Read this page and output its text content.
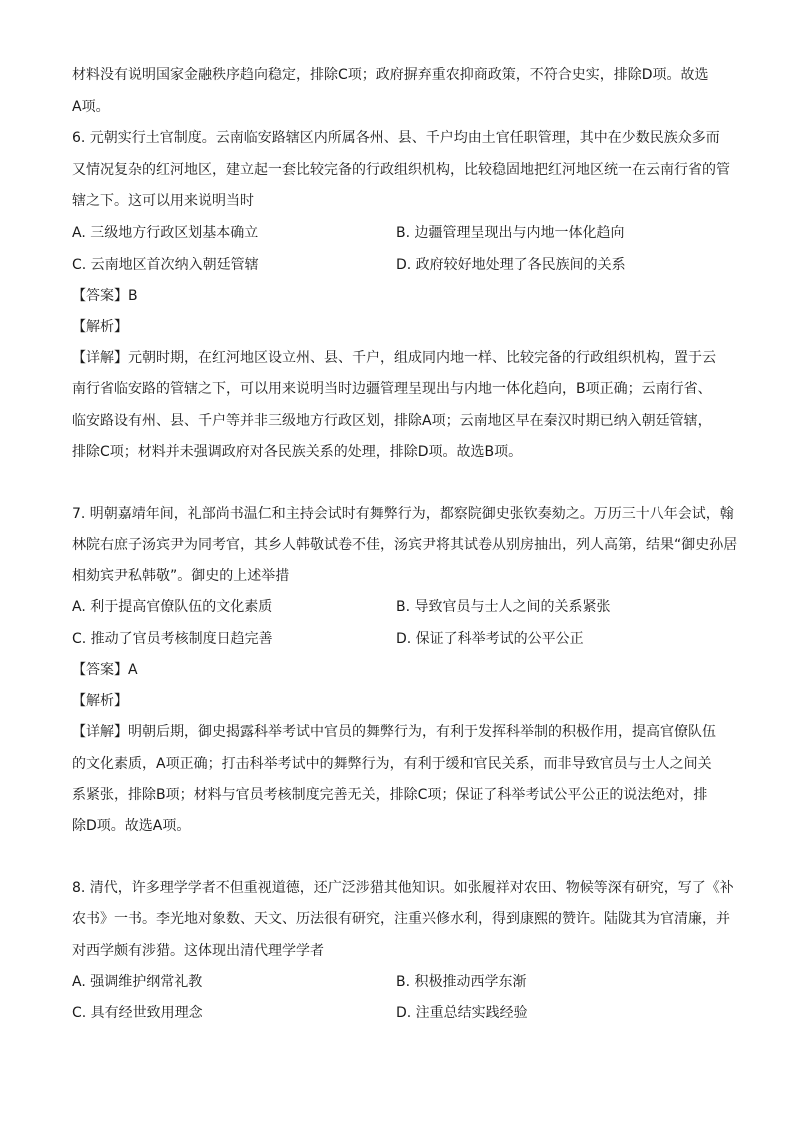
材料没有说明国家金融秩序趋向稳定，排除C项；政府摒弃重农抑商政策，不符合史实，排除D项。故选
A项。
6. 元朝实行土官制度。云南临安路辖区内所属各州、县、千户均由土官任职管理，其中在少数民族众多而
又情况复杂的红河地区，建立起一套比较完备的行政组织机构，比较稳固地把红河地区统一在云南行省的管
辖之下。这可以用来说明当时
A. 三级地方行政区划基本确立	B. 边疆管理呈现出与内地一体化趋向
C. 云南地区首次纳入朝廷管辖	D. 政府较好地处理了各民族间的关系
【答案】B
【解析】
【详解】元朝时期，在红河地区设立州、县、千户，组成同内地一样、比较完备的行政组织机构，置于云
南行省临安路的管辖之下，可以用来说明当时边疆管理呈现出与内地一体化趋向，B项正确；云南行省、
临安路设有州、县、千户等并非三级地方行政区划，排除A项；云南地区早在秦汉时期已纳入朝廷管辖，
排除C项；材料并未强调政府对各民族关系的处理，排除D项。故选B项。
7. 明朝嘉靖年间，礼部尚书温仁和主持会试时有舞弊行为，都察院御史张钦奏劾之。万历三十八年会试，翰
林院右庶子汤宾尹为同考官，其乡人韩敬试卷不佳，汤宾尹将其试卷从别房抽出，列人高第，结果“御史孙居
相劾宾尹私韩敬”。御史的上述举措
A. 利于提高官僚队伍的文化素质	B. 导致官员与士人之间的关系紧张
C. 推动了官员考核制度日趋完善	D. 保证了科举考试的公平公正
【答案】A
【解析】
【详解】明朝后期，御史揭露科举考试中官员的舞弊行为，有利于发挥科举制的积极作用，提高官僚队伍
的文化素质，A项正确；打击科举考试中的舞弊行为，有利于缓和官民关系，而非导致官员与士人之间关
系紧张，排除B项；材料与官员考核制度完善无关，排除C项；保证了科举考试公平公正的说法绝对，排
除D项。故选A项。
8. 清代，许多理学学者不但重视道德，还广泛涉猎其他知识。如张履祥对农田、物候等深有研究，写了《补
农书》一书。李光地对象数、天文、历法很有研究，注重兴修水利，得到康熙的赞许。陆陇其为官清廉，并
对西学颇有涉猎。这体现出清代理学学者
A. 强调维护纲常礼教	B. 积极推动西学东渐
C. 具有经世致用理念	D. 注重总结实践经验
